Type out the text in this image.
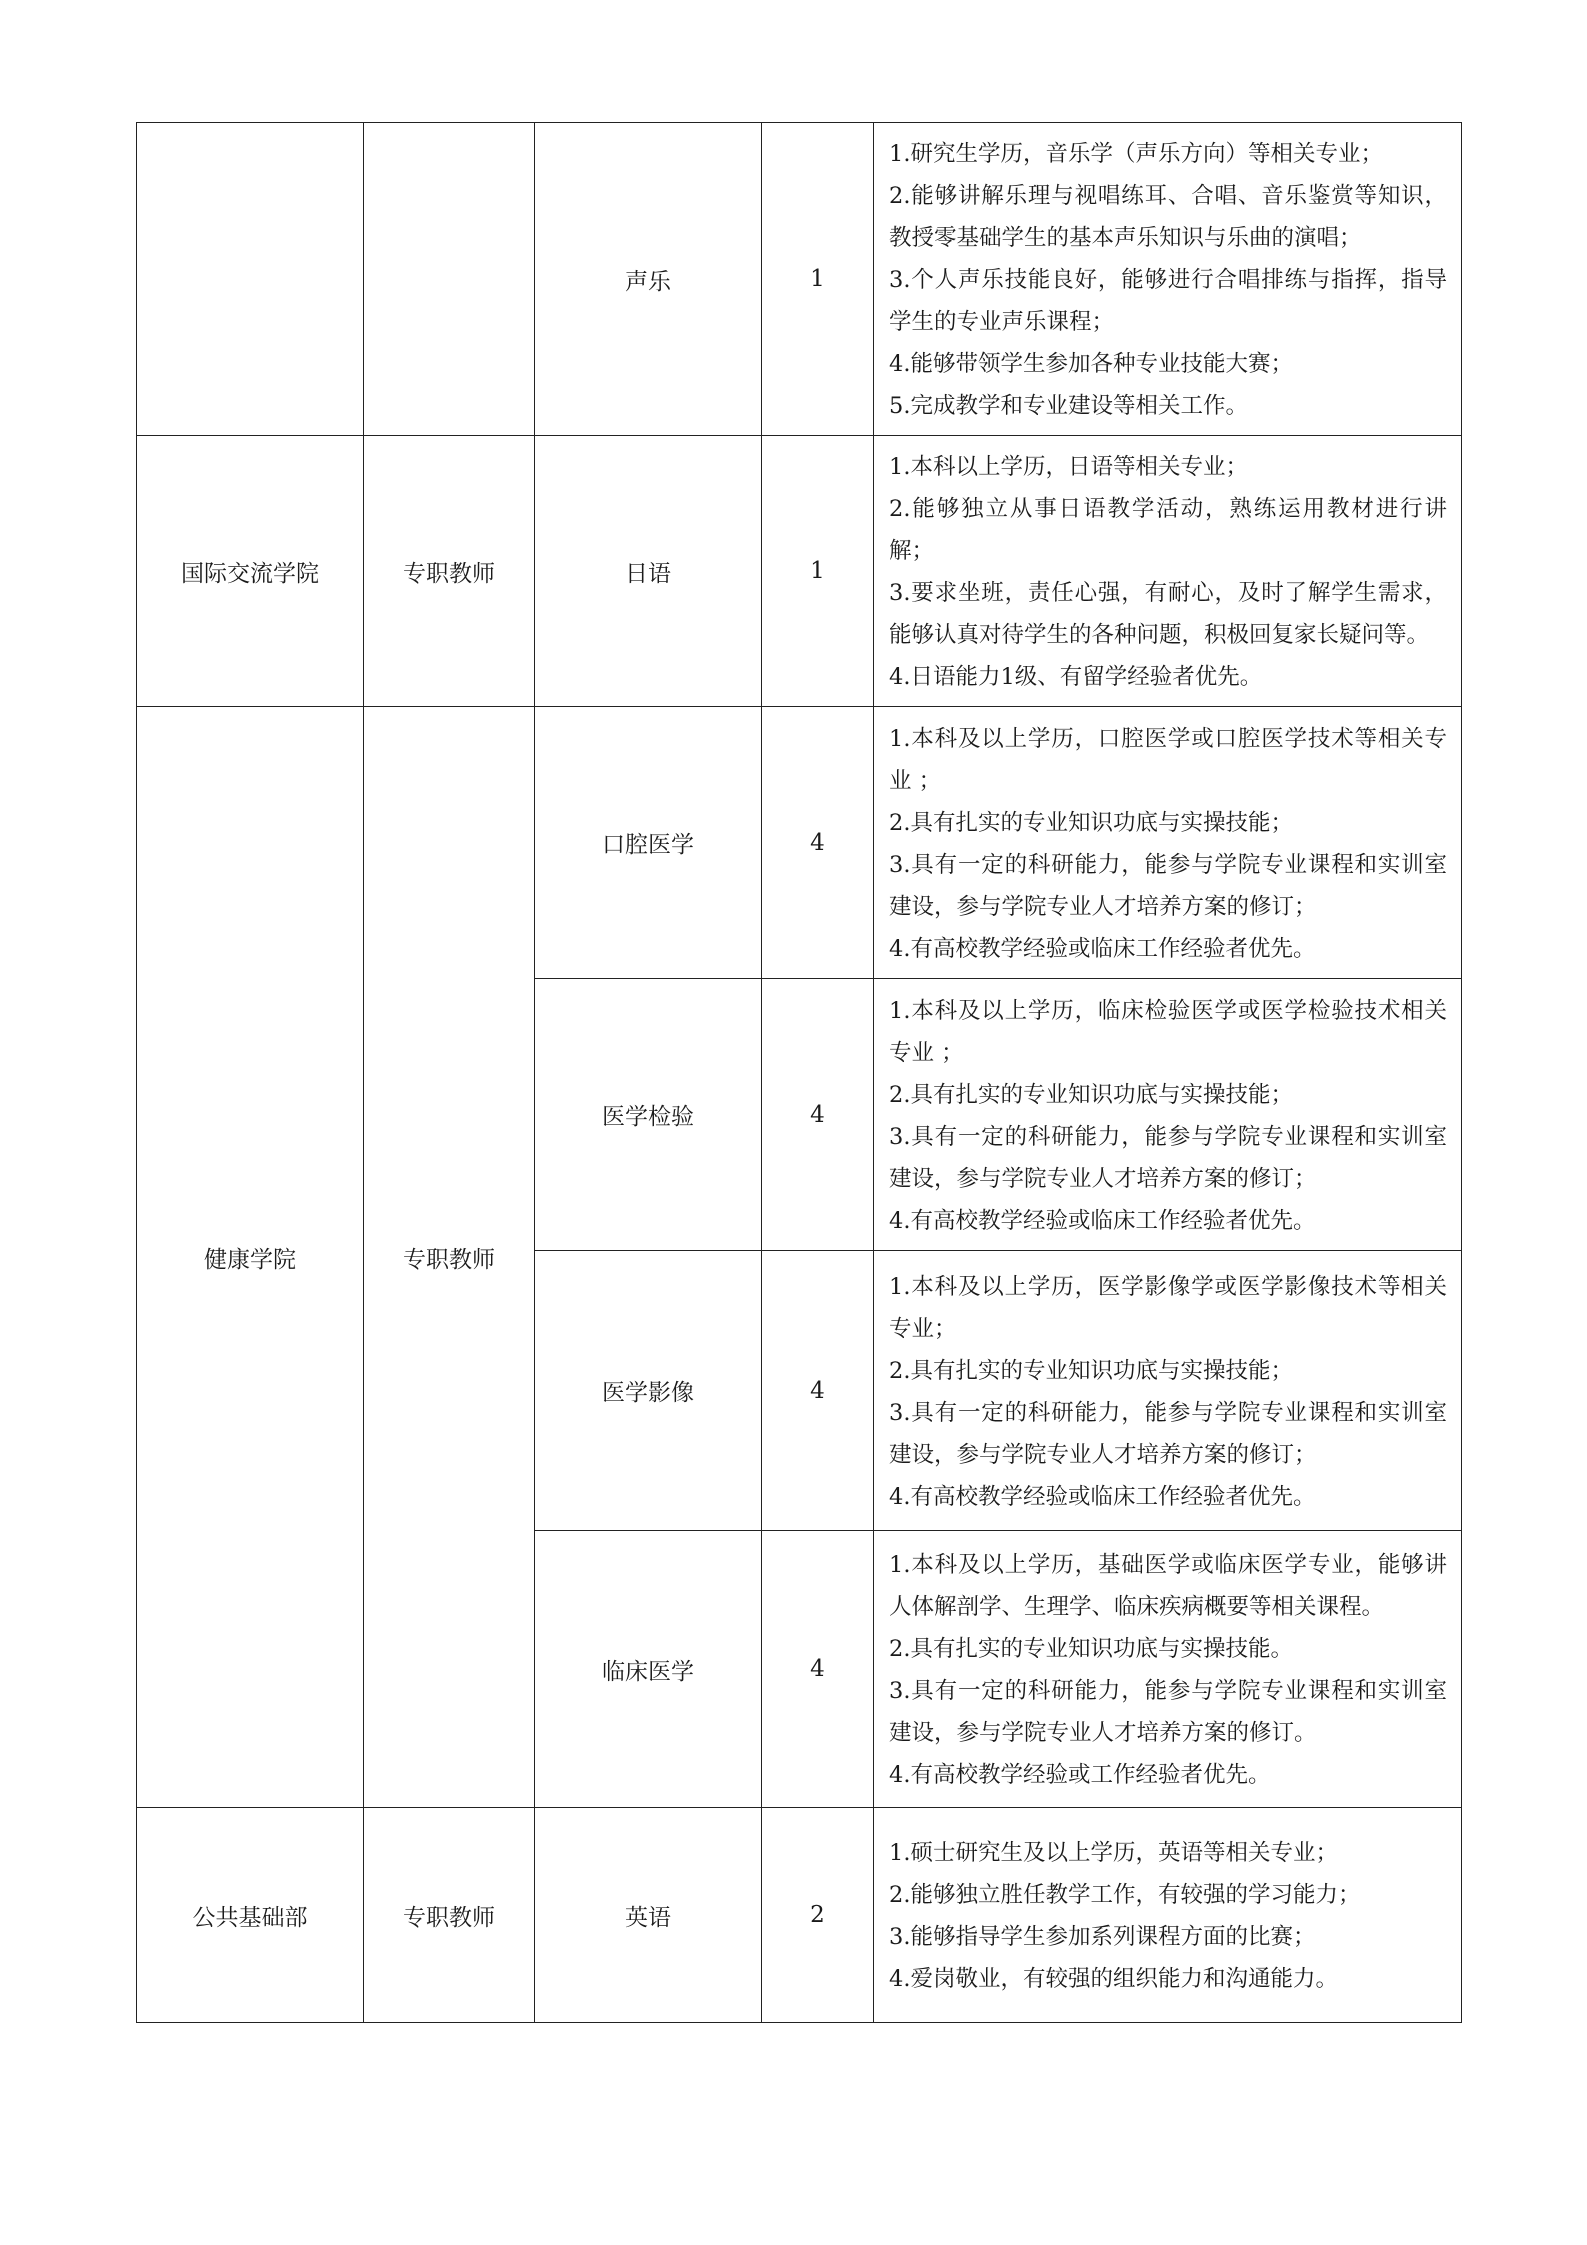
		声乐	1	1.研究生学历，音乐学（声乐方向）等相关专业；
2.能够讲解乐理与视唱练耳、合唱、音乐鉴赏等知识，教授零基础学生的基本声乐知识与乐曲的演唱；
3.个人声乐技能良好，能够进行合唱排练与指挥，指导学生的专业声乐课程；
4.能够带领学生参加各种专业技能大赛；
5.完成教学和专业建设等相关工作。

国际交流学院	专职教师	日语	1	1.本科以上学历，日语等相关专业；
2.能够独立从事日语教学活动，熟练运用教材进行讲解；
3.要求坐班，责任心强，有耐心，及时了解学生需求，能够认真对待学生的各种问题，积极回复家长疑问等。
4.日语能力1级、有留学经验者优先。

健康学院	专职教师	口腔医学	4	1.本科及以上学历，口腔医学或口腔医学技术等相关专业 ；
2.具有扎实的专业知识功底与实操技能；
3.具有一定的科研能力，能参与学院专业课程和实训室建设，参与学院专业人才培养方案的修订；
4.有高校教学经验或临床工作经验者优先。

		医学检验	4	1.本科及以上学历，临床检验医学或医学检验技术相关专业 ；
2.具有扎实的专业知识功底与实操技能；
3.具有一定的科研能力，能参与学院专业课程和实训室建设，参与学院专业人才培养方案的修订；
4.有高校教学经验或临床工作经验者优先。

		医学影像	4	1.本科及以上学历，医学影像学或医学影像技术等相关专业；
2.具有扎实的专业知识功底与实操技能；
3.具有一定的科研能力，能参与学院专业课程和实训室建设，参与学院专业人才培养方案的修订；
4.有高校教学经验或临床工作经验者优先。

		临床医学	4	1.本科及以上学历，基础医学或临床医学专业，能够讲人体解剖学、生理学、临床疾病概要等相关课程。
2.具有扎实的专业知识功底与实操技能。
3.具有一定的科研能力，能参与学院专业课程和实训室建设，参与学院专业人才培养方案的修订。
4.有高校教学经验或工作经验者优先。

公共基础部	专职教师	英语	2	1.硕士研究生及以上学历，英语等相关专业；
2.能够独立胜任教学工作，有较强的学习能力；
3.能够指导学生参加系列课程方面的比赛；
4.爱岗敬业，有较强的组织能力和沟通能力。
